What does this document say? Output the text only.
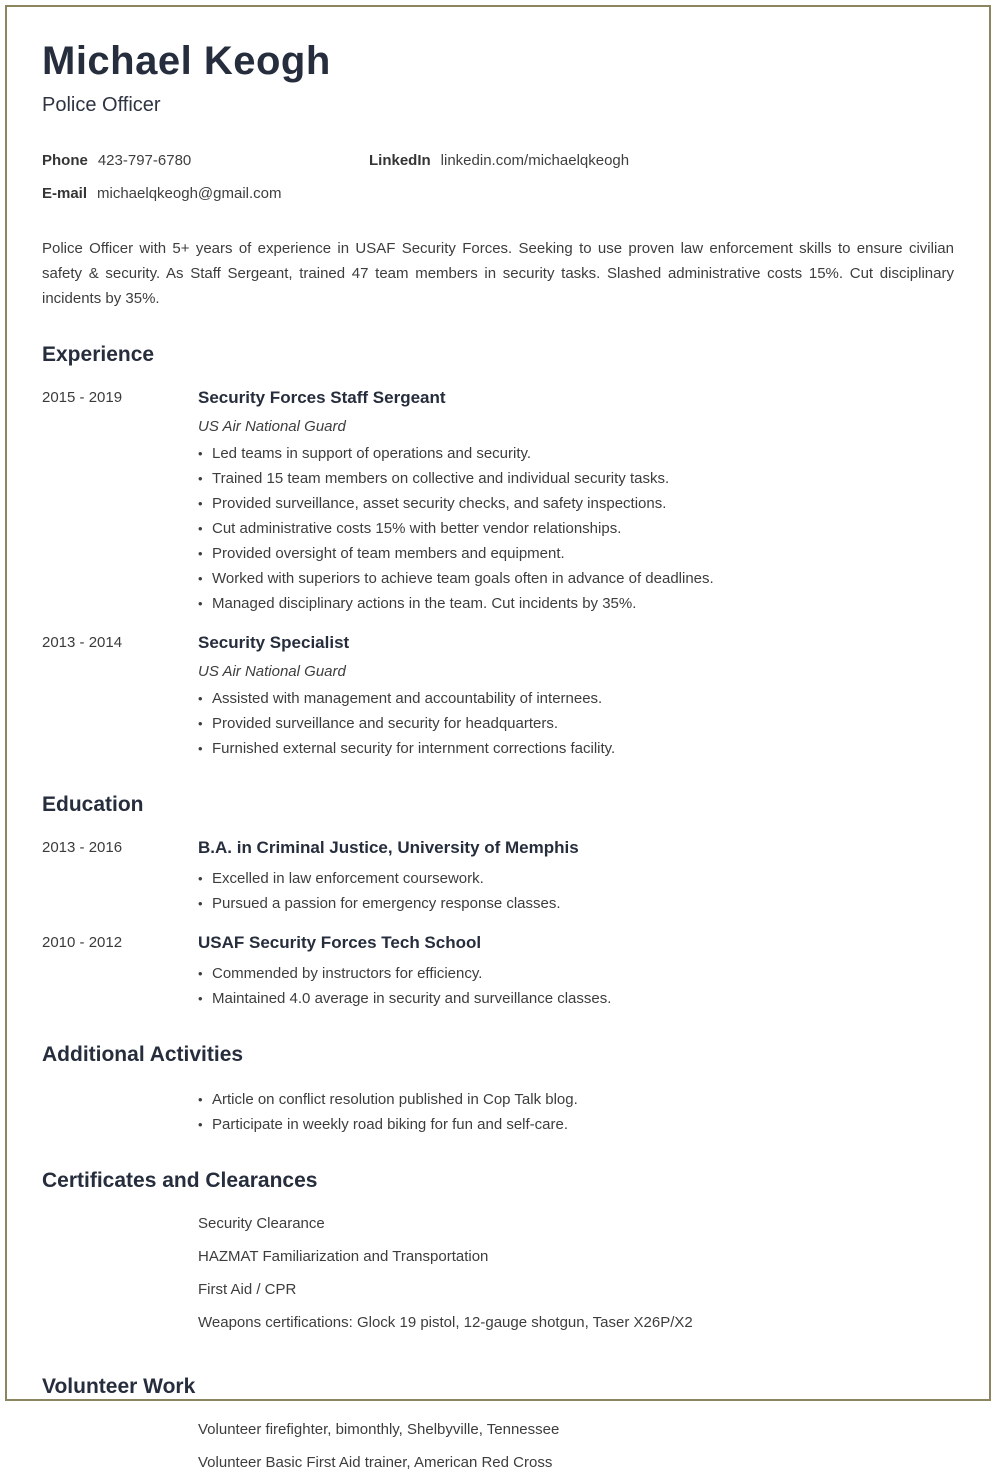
Michael Keogh
Police Officer
Phone 423-797-6780	LinkedIn linkedin.com/michaelqkeogh
E-mail michaelqkeogh@gmail.com

Police Officer with 5+ years of experience in USAF Security Forces. Seeking to use proven law enforcement skills to ensure civilian safety & security. As Staff Sergeant, trained 47 team members in security tasks. Slashed administrative costs 15%. Cut disciplinary incidents by 35%.

Experience
2015 - 2019	Security Forces Staff Sergeant
US Air National Guard
•
Led teams in support of operations and security.
•
Trained 15 team members on collective and individual security tasks.
•
Provided surveillance, asset security checks, and safety inspections.
•
Cut administrative costs 15% with better vendor relationships.
•
Provided oversight of team members and equipment.
•
Worked with superiors to achieve team goals often in advance of deadlines.
•
Managed disciplinary actions in the team. Cut incidents by 35%.
2013 - 2014	Security Specialist
US Air National Guard
•
Assisted with management and accountability of internees.
•
Provided surveillance and security for headquarters.
•
Furnished external security for internment corrections facility.
Education
2013 - 2016	B.A. in Criminal Justice, University of Memphis
•
Excelled in law enforcement coursework.
•
Pursued a passion for emergency response classes.
2010 - 2012	USAF Security Forces Tech School
•
Commended by instructors for efficiency.
•
Maintained 4.0 average in security and surveillance classes.
Additional Activities
•
Article on conflict resolution published in Cop Talk blog.
•
Participate in weekly road biking for fun and self-care.
Certificates and Clearances
Security Clearance
HAZMAT Familiarization and Transportation
First Aid / CPR
Weapons certifications: Glock 19 pistol, 12-gauge shotgun, Taser X26P/X2
Volunteer Work
Volunteer firefighter, bimonthly, Shelbyville, Tennessee
Volunteer Basic First Aid trainer, American Red Cross
